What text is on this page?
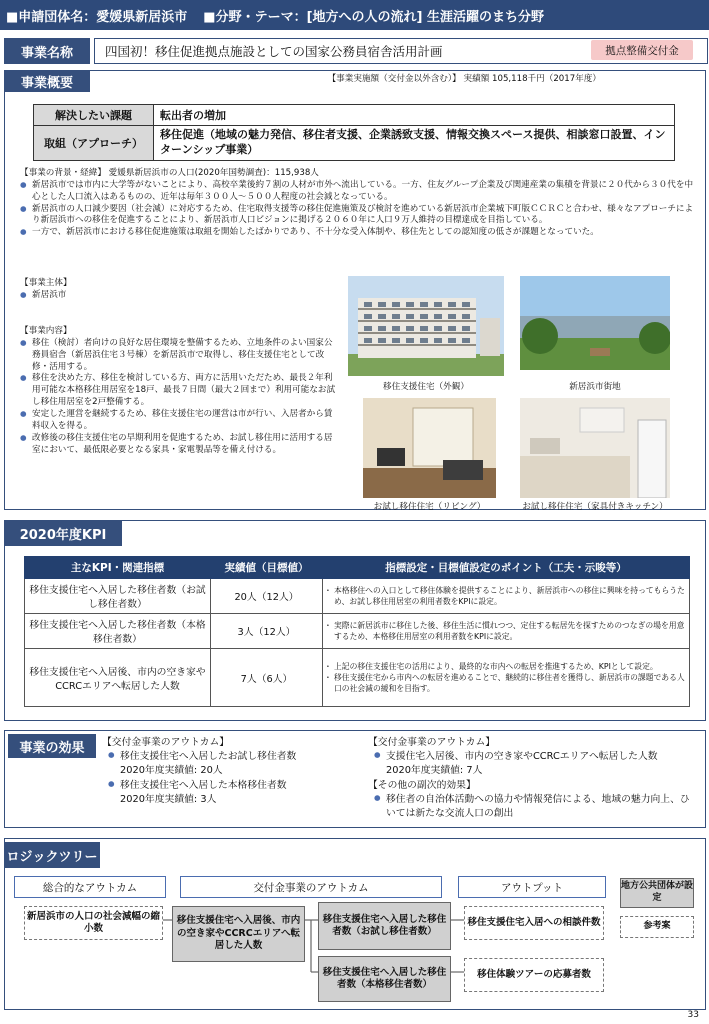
■申請団体名：愛媛県新居浜市 ■分野・テーマ：[地方への人の流れ] 生涯活躍のまち分野
事業名称	四国初！移住促進拠点施設としての国家公務員宿舎活用計画	拠点整備交付金
事業概要	【事業実施額（交付金以外含む）】 実績額 105,118千円（2017年度）
解決したい課題	転出者の増加
取組（アプローチ）	移住促進（地域の魅力発信、移住者支援、企業誘致支援、情報交換スペース提供、相談窓口設置、インターンシップ事業）
【事業の背景・経緯】 愛媛県新居浜市の人口(2020年国勢調査)：115,938人
● 新居浜市では市内に大学等がないことにより、高校卒業後約７割の人材が市外へ流出している。一方、住友グループ企業及び関連産業の集積を背景に２０代から３０代を中心とした人口流入はあるものの、近年は毎年３００人～５００人程度の社会減となっている。
● 新居浜市の人口減少要因（社会減）に対応するため、住宅取得支援等の移住促進施策及び検討を進めている新居浜市企業城下町版ＣＣＲＣと合わせ、様々なアプローチにより新居浜市への移住を促進することにより、新居浜市人口ビジョンに掲げる２０６０年に人口９万人維持の目標達成を目指している。
● 一方で、新居浜市における移住促進施策は取組を開始したばかりであり、不十分な受入体制や、移住先としての認知度の低さが課題となっていた。
【事業主体】
● 新居浜市
【事業内容】
● 移住（検討）者向けの良好な居住環境を整備するため、立地条件のよい国家公務員宿舎（新居浜住宅３号棟）を新居浜市で取得し、移住支援住宅として改修・活用する。
● 移住を決めた方、移住を検討している方、両方に活用いただため、最長２年利用可能な本格移住用居室を18戸、最長７日間（最大２回まで）利用可能なお試し移住用居室を2戸整備する。
● 安定した運営を継続するため、移住支援住宅の運営は市が行い、入居者から賃料収入を得る。
● 改修後の移住支援住宅の早期利用を促進するため、お試し移住用に活用する居室において、最低限必要となる家具・家電製品等を備え付ける。
移住支援住宅（外観）	新居浜市街地
お試し移住住宅（リビング）	お試し移住住宅（家具付きキッチン）
2020年度KPI
主なKPI・関連指標	実績値（目標値）	指標設定・目標値設定のポイント（工夫・示唆等）
移住支援住宅へ入居した移住者数（お試し移住者数）	20人（12人）	・ 本格移住への入口として移住体験を提供することにより、新居浜市への移住に興味を持ってもらうため、お試し移住用居室の利用者数をKPIに設定。

移住支援住宅へ入居した移住者数（本格移住者数）	3人（12人）	・ 実際に新居浜市に移住した後、移住生活に慣れつつ、定住する転居先を探すためのつなぎの場を用意するため、本格移住用居室の利用者数をKPIに設定。

移住支援住宅へ入居後、市内の空き家やCCRCエリアへ転居した人数	7人（6人）	・ 上記の移住支援住宅の活用により、最終的な市内への転居を推進するため、KPIとして設定。
・ 移住支援住宅から市内への転居を進めることで、継続的に移住者を獲得し、新居浜市の課題である人口の社会減の緩和を目指す。
事業の効果	【交付金事業のアウトカム】
● 移住支援住宅へ入居したお試し移住者数
2020年度実績値: 20人
● 移住支援住宅へ入居した本格移住者数
2020年度実績値: 3人
【交付金事業のアウトカム】
● 支援住宅入居後、市内の空き家やCCRCエリアへ転居した人数
2020年度実績値: 7人
【その他の副次的効果】
● 移住者の自治体活動への協力や情報発信による、地域の魅力向上、ひいては新たな交流人口の創出
ロジックツリー
総合的なアウトカム	交付金事業のアウトカム	アウトプット
新居浜市の人口の社会減幅の縮小数
移住支援住宅へ入居後、市内の空き家やCCRCエリアへ転居した人数
移住支援住宅へ入居した移住者数（お試し移住者数）
移住支援住宅へ入居した移住者数（本格移住者数）
移住支援住宅入居への相談件数
移住体験ツアーの応募者数
地方公共団体が設定
参考案
33
